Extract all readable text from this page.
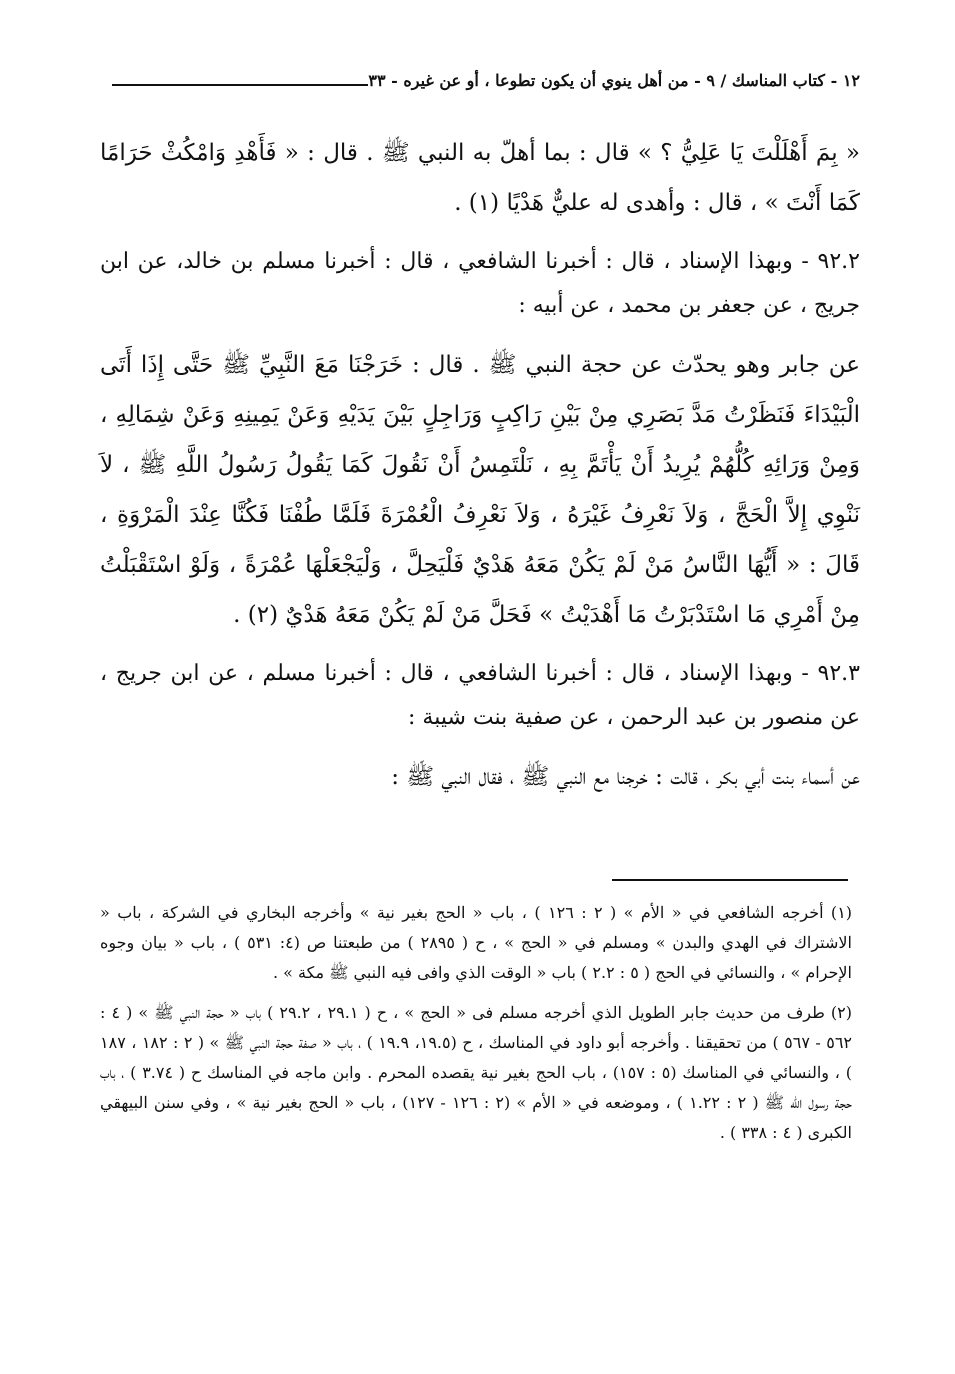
١٢ - كتاب المناسك / ٩ - من أهل ينوي أن يكون تطوعا ، أو عن غيره - ٣٣

« بِمَ أَهْلَلْتَ يَا عَلِيُّ ؟ » قال : بما أهلّ به النبي ﷺ . قال : « فَأَهْدِ وَامْكُثْ حَرَامًا كَمَا أَنْتَ » ، قال : وأهدى له عليٌّ هَدْيًا (١) .

٩٢.٢ - وبهذا الإسناد ، قال : أخبرنا الشافعي ، قال : أخبرنا مسلم بن خالد، عن ابن جريج ، عن جعفر بن محمد ، عن أبيه :

عن جابر وهو يحدّث عن حجة النبي ﷺ . قال : خَرَجْنَا مَعَ النَّبِيِّ ﷺ حَتَّى إِذَا أَتَى الْبَيْدَاءَ فَنَظَرْتُ مَدَّ بَصَرِي مِنْ بَيْنِ رَاكِبٍ وَرَاجِلٍ بَيْنَ يَدَيْهِ وَعَنْ يَمِينِهِ وَعَنْ شِمَالِهِ ، وَمِنْ وَرَائِهِ كُلُّهُمْ يُرِيدُ أَنْ يَأْتَمَّ بِهِ ، نَلْتَمِسُ أَنْ نَقُولَ كَمَا يَقُولُ رَسُولُ اللَّهِ ﷺ ، لاَ نَنْوِي إِلاَّ الْحَجَّ ، وَلاَ نَعْرِفُ غَيْرَهُ ، وَلاَ نَعْرِفُ الْعُمْرَةَ فَلَمَّا طُفْنَا فَكُنَّا عِنْدَ الْمَرْوَةِ ، قَالَ : « أَيُّهَا النَّاسُ مَنْ لَمْ يَكُنْ مَعَهُ هَدْيٌ فَلْيَحِلَّ ، وَلْيَجْعَلْهَا عُمْرَةً ، وَلَوْ اسْتَقْبَلْتُ مِنْ أَمْرِي مَا اسْتَدْبَرْتُ مَا أَهْدَيْتُ » فَحَلَّ مَنْ لَمْ يَكُنْ مَعَهُ هَدْيٌ (٢) .

٩٢.٣ - وبهذا الإسناد ، قال : أخبرنا الشافعي ، قال : أخبرنا مسلم ، عن ابن جريج ، عن منصور بن عبد الرحمن ، عن صفية بنت شيبة :

عن أسماء بنت أبي بكر ، قالت : خرجنا مع النبي ﷺ ، فقال النبي ﷺ :

(١) أخرجه الشافعي في « الأم » ( ٢ : ١٢٦ ) ، باب « الحج بغير نية » وأخرجه البخاري في الشركة ، باب « الاشتراك في الهدي والبدن » ومسلم في « الحج » ، ح ( ٢٨٩٥ ) من طبعتنا ص (٤: ٥٣١ ) ، باب « بيان وجوه الإحرام » ، والنسائي في الحج ( ٥ : ٢.٢ ) باب « الوقت الذي وافى فيه النبي ﷺ مكة » .

(٢) طرف من حديث جابر الطويل الذي أخرجه مسلم فى « الحج » ، ح ( ٢٩.١ ، ٢٩.٢ ) باب « حجة النبي ﷺ » ( ٤ : ٥٦٢ - ٥٦٧ ) من تحقيقنا . وأخرجه أبو داود في المناسك ، ح (١٩.٥، ١٩.٩ ) ، باب « صفة حجة النبي ﷺ » ( ٢ : ١٨٢ ، ١٨٧ ) ، والنسائي في المناسك (٥ : ١٥٧) ، باب الحج بغير نية يقصده المحرم . وابن ماجه في المناسك ح ( ٣.٧٤ ) ، باب حجة رسول الله ﷺ ( ٢ : ١.٢٢ ) ، وموضعه في « الأم » (٢ : ١٢٦ - ١٢٧) ، باب « الحج بغير نية » ، وفي سنن البيهقي الكبرى ( ٤ : ٣٣٨ ) .
